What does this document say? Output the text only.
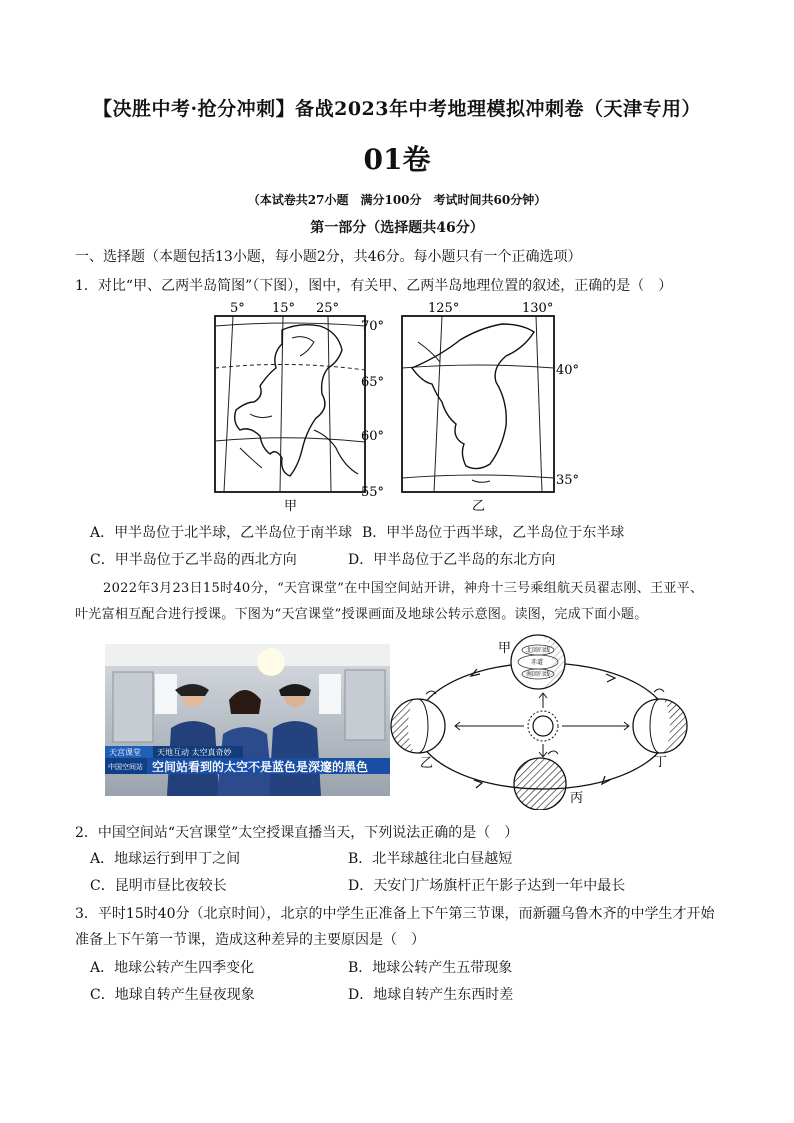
【决胜中考·抢分冲刺】备战2023年中考地理模拟冲刺卷（天津专用）
01卷
（本试卷共27小题　满分100分　考试时间共60分钟）
第一部分（选择题共46分）
一、选择题（本题包括13小题，每小题2分，共46分。每小题只有一个正确选项）
1．对比“甲、乙两半岛简图”（下图），图中，有关甲、乙两半岛地理位置的叙述，正确的是（　）
5° 15° 25°
70°
65°
60°
55°
甲
125°	130°
40°
35°
乙
A．甲半岛位于北半球，乙半岛位于南半球 B．甲半岛位于西半球，乙半岛位于东半球
C．甲半岛位于乙半岛的西北方向	D．甲半岛位于乙半岛的东北方向
2022年3月23日15时40分，“天宫课堂”在中国空间站开讲，神舟十三号乘组航天员翟志刚、王亚平、
叶光富相互配合进行授课。下图为“天宫课堂”授课画面及地球公转示意图。读图，完成下面小题。
天宫课堂 天地互动 太空真奇妙
中国空间站 空间站看到的太空不是蓝色是深邃的黑色
北回归线
赤道
南回归线
甲
乙	丁
丙
2．中国空间站“天宫课堂”太空授课直播当天，下列说法正确的是（　）
A．地球运行到甲丁之间	B．北半球越往北白昼越短
C．昆明市昼比夜较长	D．天安门广场旗杆正午影子达到一年中最长
3．平时15时40分（北京时间），北京的中学生正准备上下午第三节课，而新疆乌鲁木齐的中学生才开始
准备上下午第一节课，造成这种差异的主要原因是（　）
A．地球公转产生四季变化	B．地球公转产生五带现象
C．地球自转产生昼夜现象	D．地球自转产生东西时差
